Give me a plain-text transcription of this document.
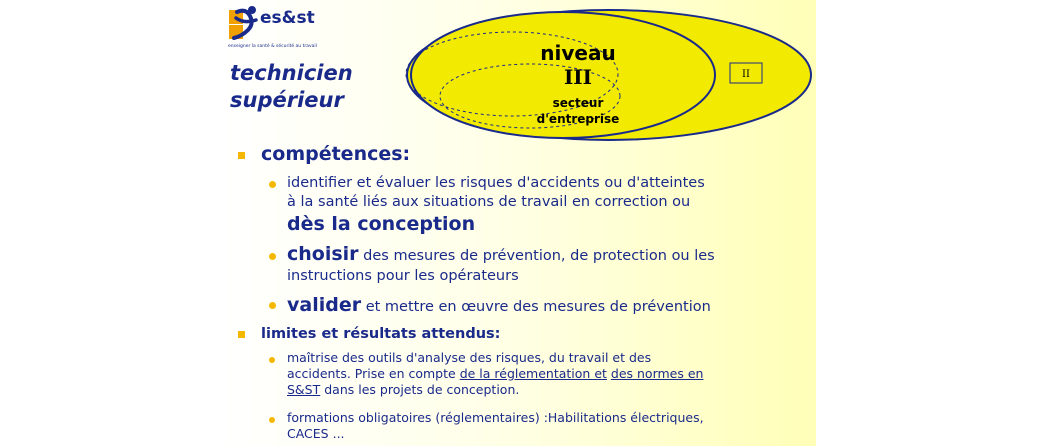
es&st
enseigner la santé & sécurité au travail
technicien
supérieur
niveau
III
secteur
d'entreprise
II
compétences:
identifier et évaluer les risques d'accidents ou d'atteintes
à la santé liés aux situations de travail en correction ou
dès la conception
choisir des mesures de prévention, de protection ou les
instructions pour les opérateurs
valider et mettre en œuvre des mesures de prévention
limites et résultats attendus:
maîtrise des outils d'analyse des risques, du travail et des
accidents. Prise en compte de la réglementation et des normes en
S&ST dans les projets de conception.
formations obligatoires (réglementaires) :Habilitations électriques,
CACES ...
